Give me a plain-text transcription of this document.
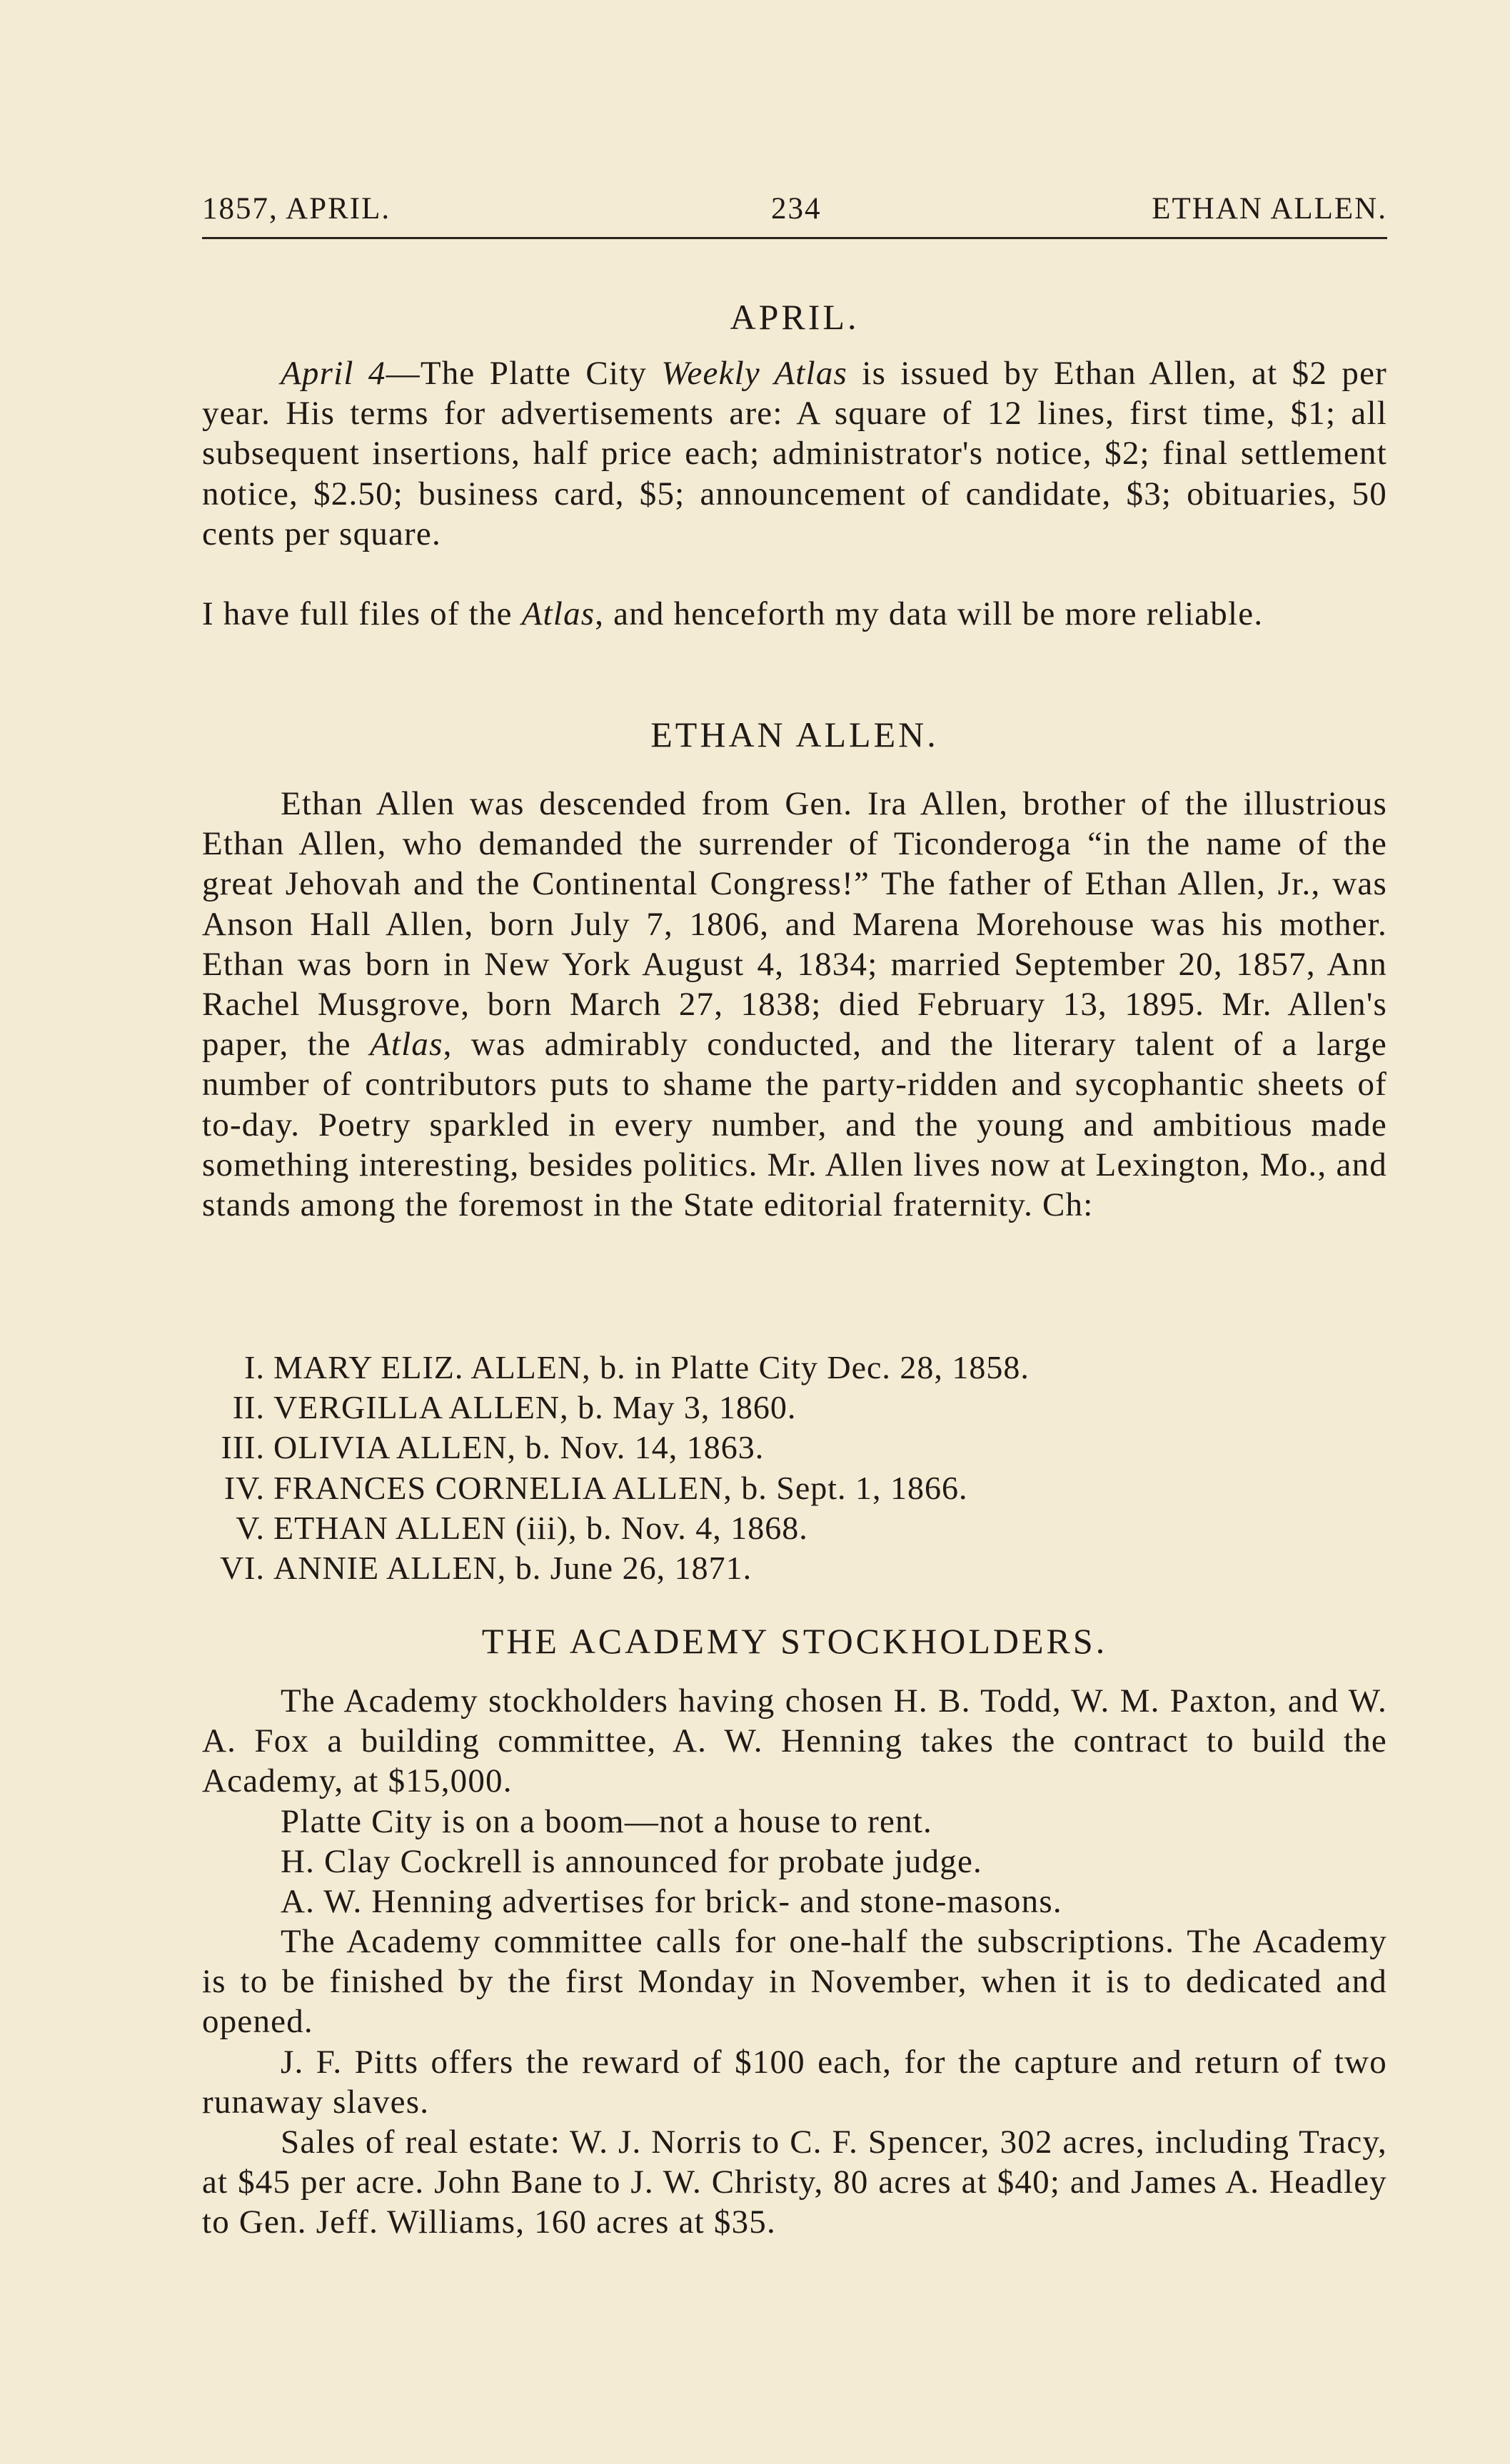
1857, APRIL.	234	ETHAN ALLEN.
APRIL.

April 4—The Platte City Weekly Atlas is issued by Ethan Allen, at $2 per year. His terms for advertisements are: A square of 12 lines, first time, $1; all subsequent insertions, half price each; administrator's notice, $2; final settlement notice, $2.50; business card, $5; announcement of candidate, $3; obituaries, 50 cents per square.

I have full files of the Atlas, and henceforth my data will be more reliable.

ETHAN ALLEN.

Ethan Allen was descended from Gen. Ira Allen, brother of the illustrious Ethan Allen, who demanded the surrender of Ticonderoga “in the name of the great Jehovah and the Continental Congress!” The father of Ethan Allen, Jr., was Anson Hall Allen, born July 7, 1806, and Marena Morehouse was his mother. Ethan was born in New York August 4, 1834; married September 20, 1857, Ann Rachel Musgrove, born March 27, 1838; died February 13, 1895. Mr. Allen's paper, the Atlas, was admirably conducted, and the literary talent of a large number of contributors puts to shame the party-ridden and sycophantic sheets of to-day. Poetry sparkled in every number, and the young and ambitious made something interesting, besides politics. Mr. Allen lives now at Lexington, Mo., and stands among the foremost in the State editorial fraternity. Ch:

I. MARY ELIZ. ALLEN, b. in Platte City Dec. 28, 1858.
II. VERGILLA ALLEN, b. May 3, 1860.
III. OLIVIA ALLEN, b. Nov. 14, 1863.
IV. FRANCES CORNELIA ALLEN, b. Sept. 1, 1866.
V. ETHAN ALLEN (iii), b. Nov. 4, 1868.
VI. ANNIE ALLEN, b. June 26, 1871.
THE ACADEMY STOCKHOLDERS.

The Academy stockholders having chosen H. B. Todd, W. M. Paxton, and W. A. Fox a building committee, A. W. Henning takes the contract to build the Academy, at $15,000.

Platte City is on a boom—not a house to rent.

H. Clay Cockrell is announced for probate judge.

A. W. Henning advertises for brick- and stone-masons.

The Academy committee calls for one-half the subscriptions. The Academy is to be finished by the first Monday in November, when it is to dedicated and opened.

J. F. Pitts offers the reward of $100 each, for the capture and return of two runaway slaves.

Sales of real estate: W. J. Norris to C. F. Spencer, 302 acres, including Tracy, at $45 per acre. John Bane to J. W. Christy, 80 acres at $40; and James A. Headley to Gen. Jeff. Williams, 160 acres at $35.
